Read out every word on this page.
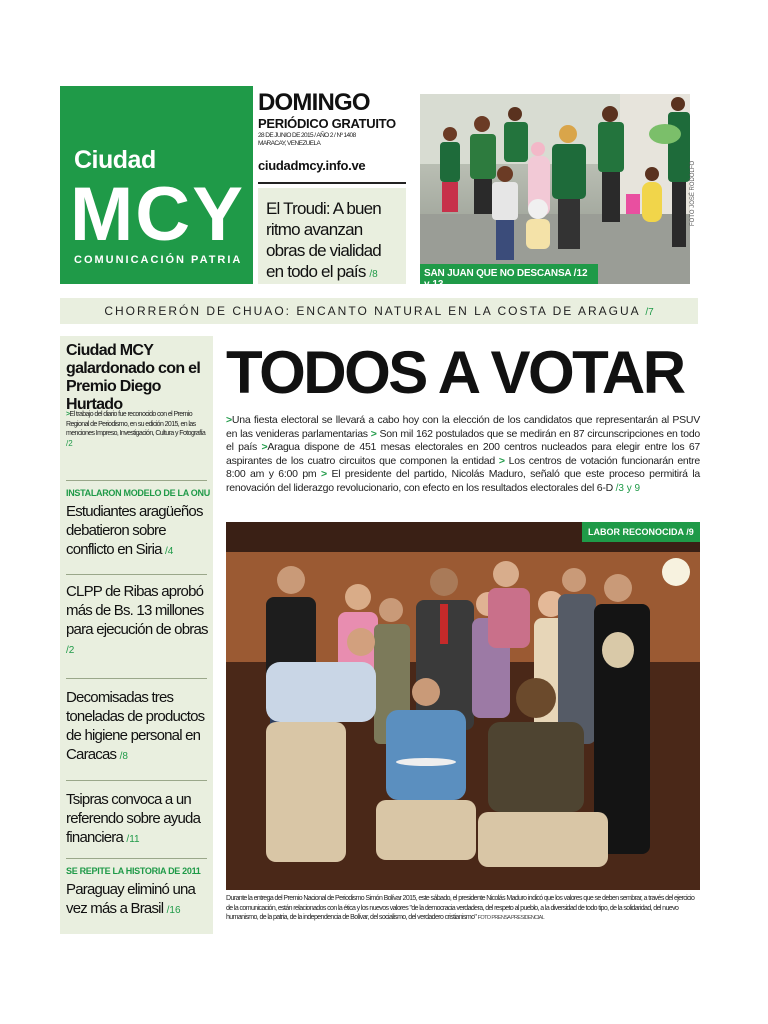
Ciudad
MCY
COMUNICACIÓN PATRIA
DOMINGO
PERIÓDICO GRATUITO
28 DE JUNIO DE 2015 / AÑO 2 / Nº 1408
MARACAY, VENEZUELA
ciudadmcy.info.ve
El Troudi: A buen ritmo avanzan obras de vialidad en todo el país /8	SAN JUAN QUE NO DESCANSA /12 y 13
FOTO JOSÉ RODOLFO
CHORRERÓN DE CHUAO: ENCANTO NATURAL EN LA COSTA DE ARAGUA /7
Ciudad MCY galardonado con el Premio Diego Hurtado
>El trabajo del diario fue reconocido con el Premio Regional de Periodismo, en su edición 2015, en las menciones Impreso, Investigación, Cultura y Fotografía /2
INSTALARON MODELO DE LA ONU
Estudiantes aragüeños debatieron sobre conflicto en Siria /4
CLPP de Ribas aprobó más de Bs. 13 millones para ejecución de obras /2
Decomisadas tres toneladas de productos de higiene personal en Caracas /8
Tsipras convoca a un referendo sobre ayuda financiera /11
SE REPITE LA HISTORIA DE 2011
Paraguay eliminó una vez más a Brasil /16
TODOS A VOTAR
>Una fiesta electoral se llevará a cabo hoy con la elección de los candidatos que representarán al PSUV en las venideras parlamentarias > Son mil 162 postulados que se medirán en 87 circunscripciones en todo el país >Aragua dispone de 451 mesas electorales en 200 centros nucleados para elegir entre los 67 aspirantes de los cuatro circuitos que componen la entidad > Los centros de votación funcionarán entre 8:00 am y 6:00 pm > El presidente del partido, Nicolás Maduro, señaló que este proceso permitirá la renovación del liderazgo revolucionario, con efecto en los resultados electorales del 6-D /3 y 9
LABOR RECONOCIDA /9
Durante la entrega del Premio Nacional de Periodismo Simón Bolívar 2015, este sábado, el presidente Nicolás Maduro indicó que los valores que se deben sembrar, a través del ejercicio de la comunicación, están relacionados con la ética y los nuevos valores "de la democracia verdadera, del respeto al pueblo, a la diversidad de todo tipo, de la solidaridad, del nuevo humanismo, de la patria, de la independencia de Bolívar, del socialismo, del verdadero cristianismo" FOTO PRENSA PRESIDENCIAL
